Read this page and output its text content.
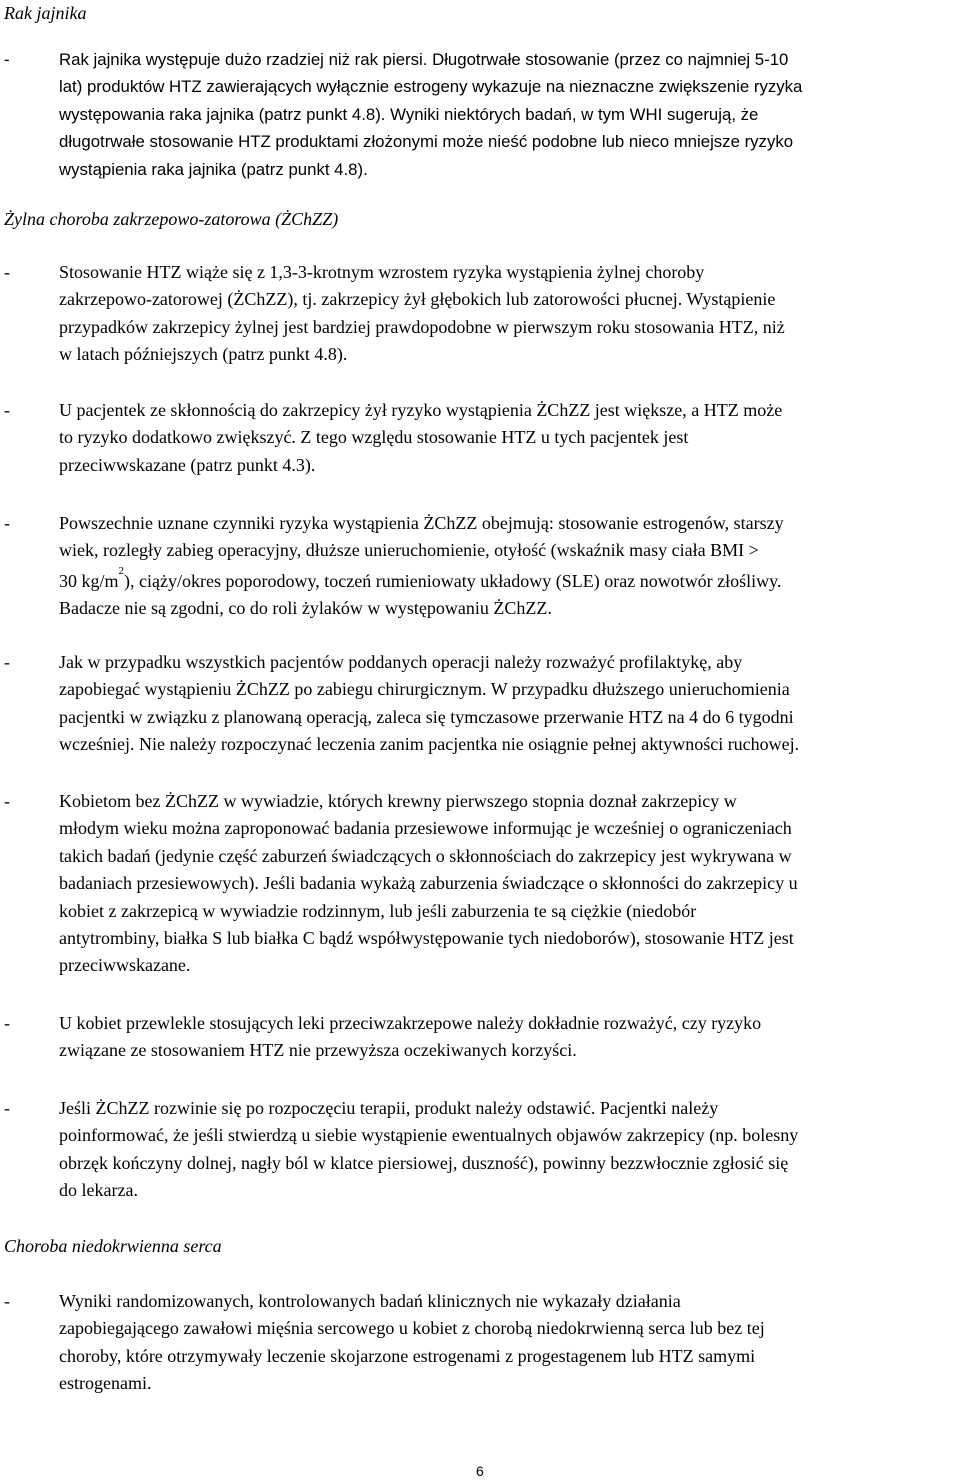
Rak jajnika
-	Rak jajnika występuje dużo rzadziej niż rak piersi. Długotrwałe stosowanie (przez co najmniej 5-10
lat) produktów HTZ zawierających wyłącznie estrogeny wykazuje na nieznaczne zwiększenie ryzyka
występowania raka jajnika (patrz punkt 4.8). Wyniki niektórych badań, w tym WHI sugerują, że
długotrwałe stosowanie HTZ produktami złożonymi może nieść podobne lub nieco mniejsze ryzyko
wystąpienia raka jajnika (patrz punkt 4.8).
Żylna choroba zakrzepowo-zatorowa (ŻChZZ)
-	Stosowanie HTZ wiąże się z 1,3-3-krotnym wzrostem ryzyka wystąpienia żylnej choroby
zakrzepowo-zatorowej (ŻChZZ), tj. zakrzepicy żył głębokich lub zatorowości płucnej. Wystąpienie
przypadków zakrzepicy żylnej jest bardziej prawdopodobne w pierwszym roku stosowania HTZ, niż
w latach późniejszych (patrz punkt 4.8).
-	U pacjentek ze skłonnością do zakrzepicy żył ryzyko wystąpienia ŻChZZ jest większe, a HTZ może
to ryzyko dodatkowo zwiększyć. Z tego względu stosowanie HTZ u tych pacjentek jest
przeciwwskazane (patrz punkt 4.3).
-	Powszechnie uznane czynniki ryzyka wystąpienia ŻChZZ obejmują: stosowanie estrogenów, starszy
wiek, rozległy zabieg operacyjny, dłuższe unieruchomienie, otyłość (wskaźnik masy ciała BMI >
30 $kg/m^2$), ciąży/okres poporodowy, toczeń rumieniowaty układowy (SLE) oraz nowotwór złośliwy.
Badacze nie są zgodni, co do roli żylaków w występowaniu ŻChZZ.
-	Jak w przypadku wszystkich pacjentów poddanych operacji należy rozważyć profilaktykę, aby
zapobiegać wystąpieniu ŻChZZ po zabiegu chirurgicznym. W przypadku dłuższego unieruchomienia
pacjentki w związku z planowaną operacją, zaleca się tymczasowe przerwanie HTZ na 4 do 6 tygodni
wcześniej. Nie należy rozpoczynać leczenia zanim pacjentka nie osiągnie pełnej aktywności ruchowej.
-	Kobietom bez ŻChZZ w wywiadzie, których krewny pierwszego stopnia doznał zakrzepicy w
młodym wieku można zaproponować badania przesiewowe informując je wcześniej o ograniczeniach
takich badań (jedynie część zaburzeń świadczących o skłonnościach do zakrzepicy jest wykrywana w
badaniach przesiewowych). Jeśli badania wykażą zaburzenia świadczące o skłonności do zakrzepicy u
kobiet z zakrzepicą w wywiadzie rodzinnym, lub jeśli zaburzenia te są ciężkie (niedobór
antytrombiny, białka S lub białka C bądź współwystępowanie tych niedoborów), stosowanie HTZ jest
przeciwwskazane.
-	U kobiet przewlekle stosujących leki przeciwzakrzepowe należy dokładnie rozważyć, czy ryzyko
związane ze stosowaniem HTZ nie przewyższa oczekiwanych korzyści.
-	Jeśli ŻChZZ rozwinie się po rozpoczęciu terapii, produkt należy odstawić. Pacjentki należy
poinformować, że jeśli stwierdzą u siebie wystąpienie ewentualnych objawów zakrzepicy (np. bolesny
obrzęk kończyny dolnej, nagły ból w klatce piersiowej, duszność), powinny bezzwłocznie zgłosić się
do lekarza.
Choroba niedokrwienna serca
-	Wyniki randomizowanych, kontrolowanych badań klinicznych nie wykazały działania
zapobiegającego zawałowi mięśnia sercowego u kobiet z chorobą niedokrwienną serca lub bez tej
choroby, które otrzymywały leczenie skojarzone estrogenami z progestagenem lub HTZ samymi
estrogenami.
6
